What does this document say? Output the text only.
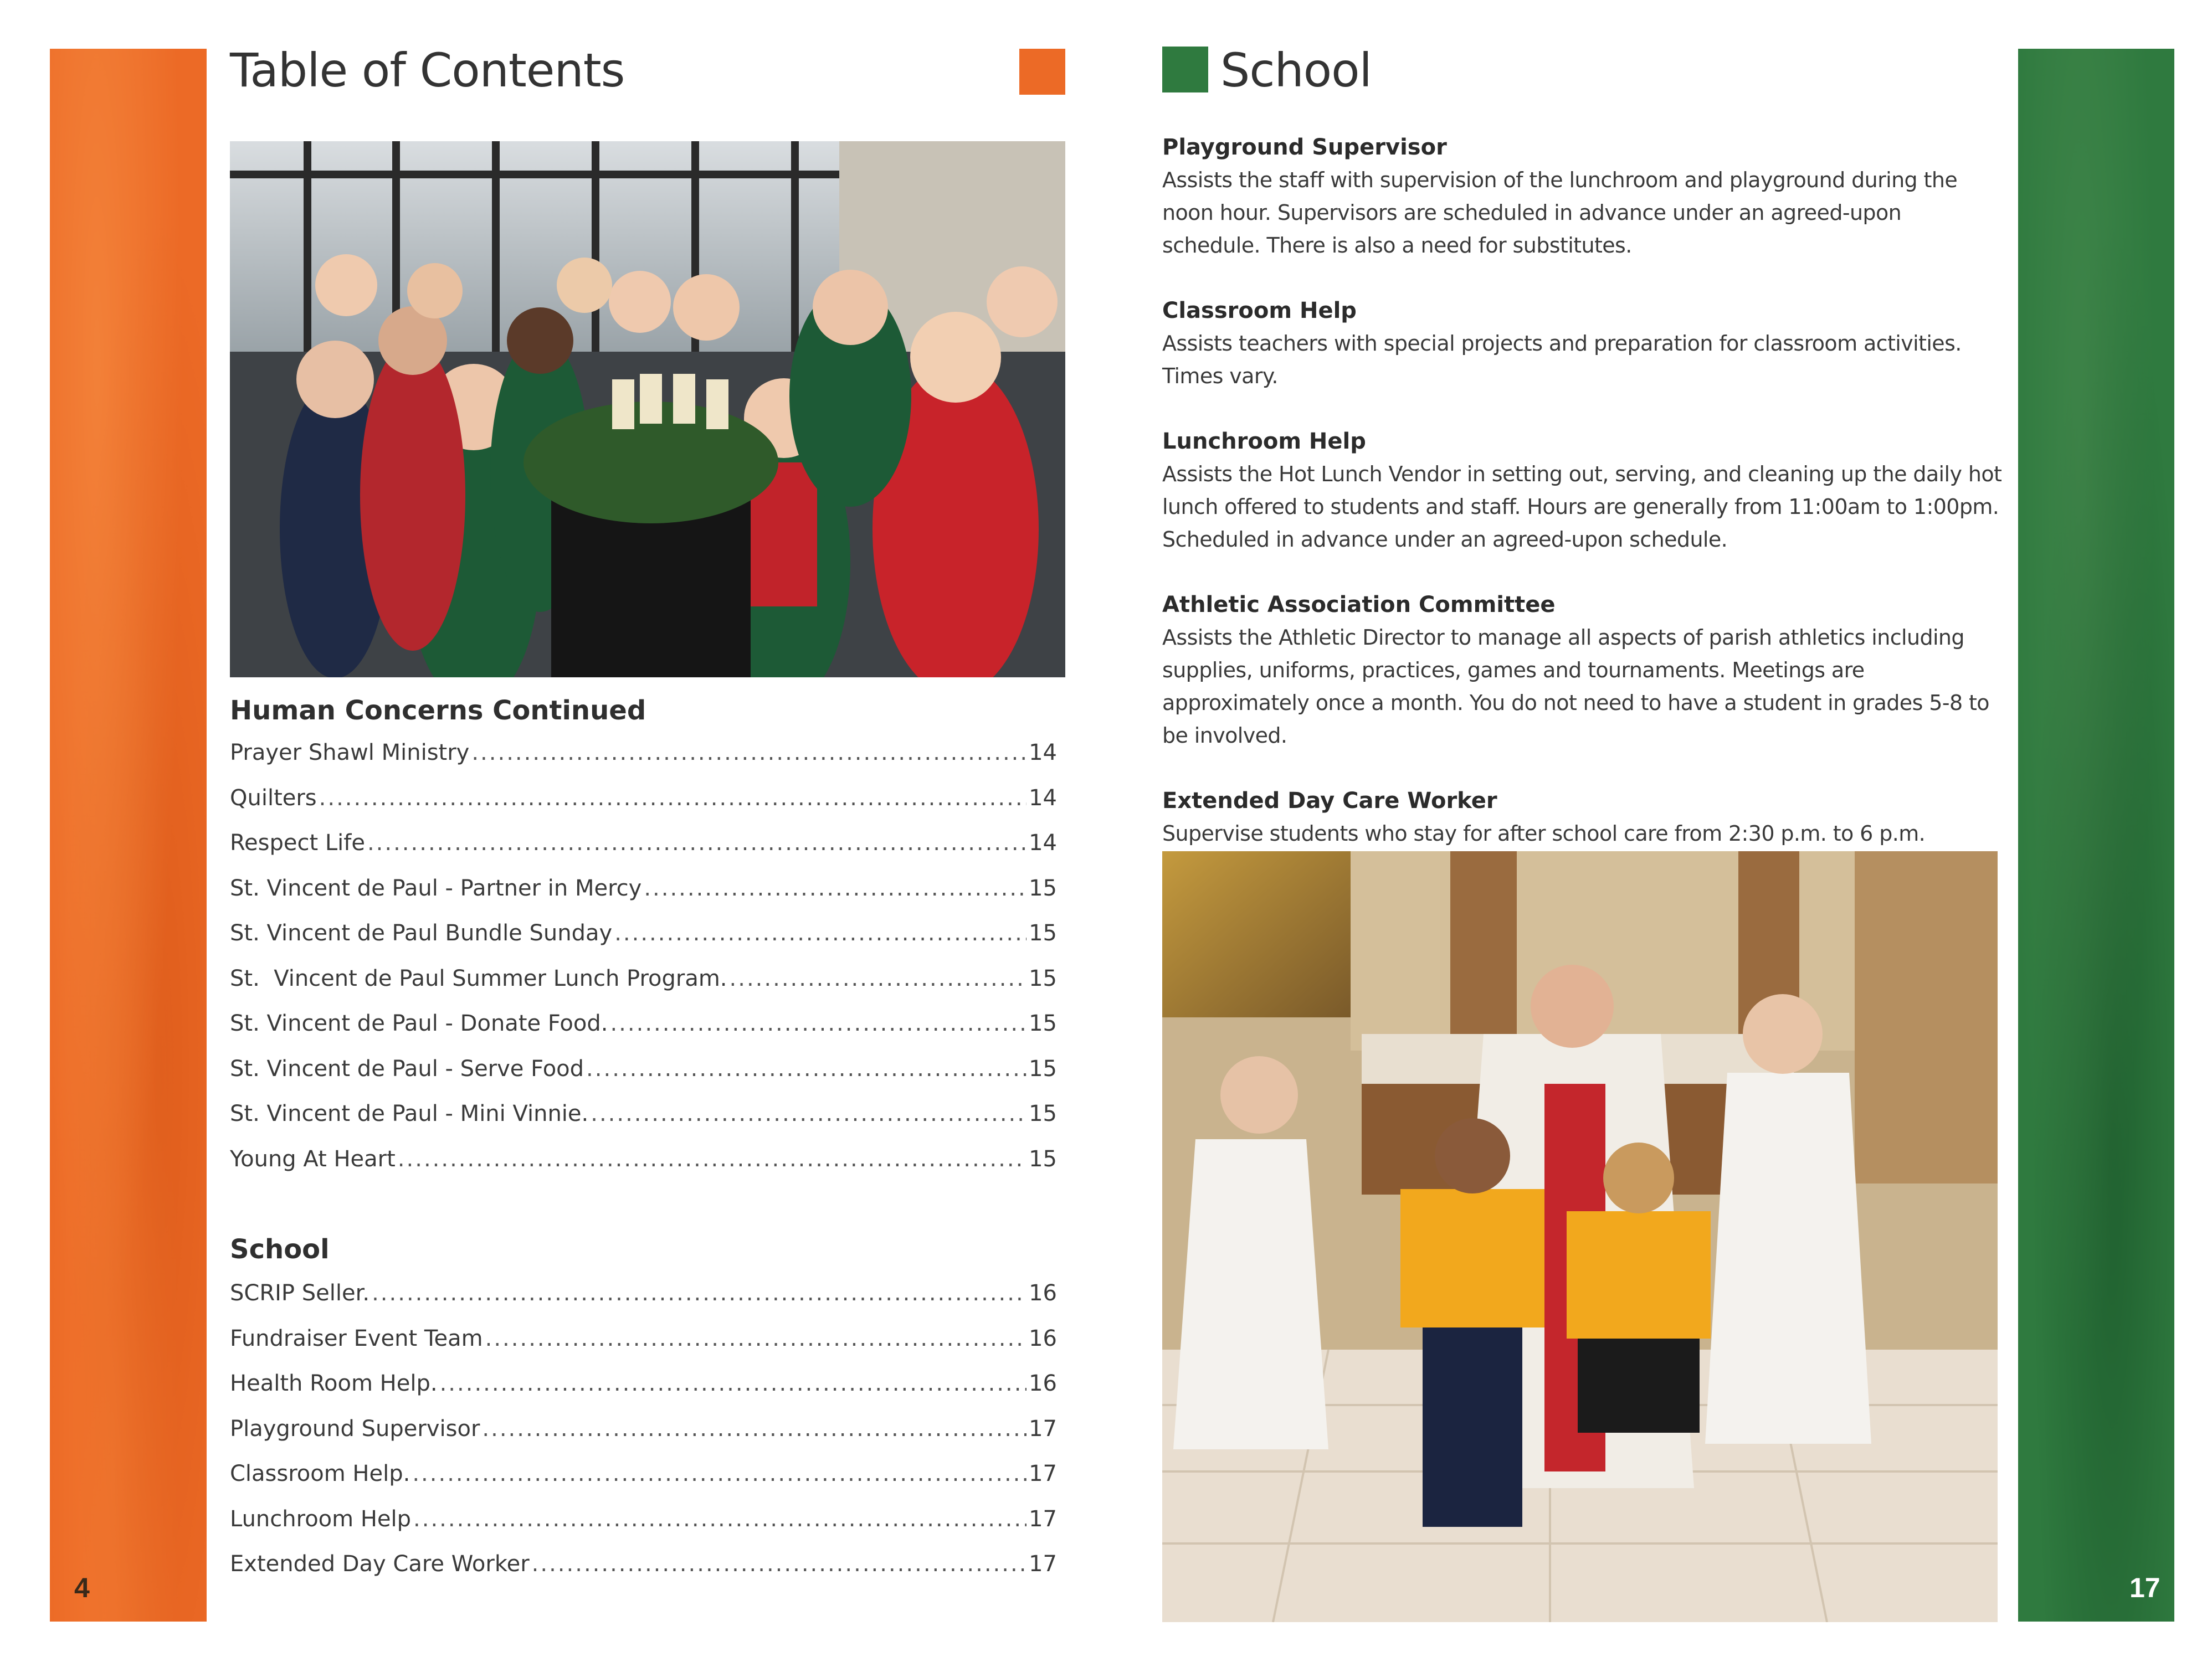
4
Table of Contents
Human Concerns Continued
Prayer Shawl Ministry .....	14
Quilters .....	14
Respect Life .....	14
St. Vincent de Paul - Partner in Mercy .....	15
St. Vincent de Paul Bundle Sunday .....	15
St.  Vincent de Paul Summer Lunch Program. .....	15
St. Vincent de Paul - Donate Food. .....	15
St. Vincent de Paul - Serve Food .....	15
St. Vincent de Paul - Mini Vinnie. .....	15
Young At Heart .....	15
School
SCRIP Seller. .....	16
Fundraiser Event Team .....	16
Health Room Help. .....	16
Playground Supervisor .....	17
Classroom Help. .....	17
Lunchroom Help .....	17
Extended Day Care Worker .....	17
School
Playground Supervisor
Assists the staff with supervision of the lunchroom and playground during the noon hour. Supervisors are scheduled in advance under an agreed-upon schedule. There is also a need for substitutes.
Classroom Help
Assists teachers with special projects and preparation for classroom activities. Times vary.
Lunchroom Help
Assists the Hot Lunch Vendor in setting out, serving, and cleaning up the daily hot lunch offered to students and staff. Hours are generally from 11:00am to 1:00pm. Scheduled in advance under an agreed-upon schedule.
Athletic Association Committee
Assists the Athletic Director to manage all aspects of parish athletics including supplies, uniforms, practices, games and tournaments. Meetings are approximately once a month. You do not need to have a student in grades 5-8 to be involved.
Extended Day Care Worker
Supervise students who stay for after school care from 2:30 p.m. to 6 p.m.
17
